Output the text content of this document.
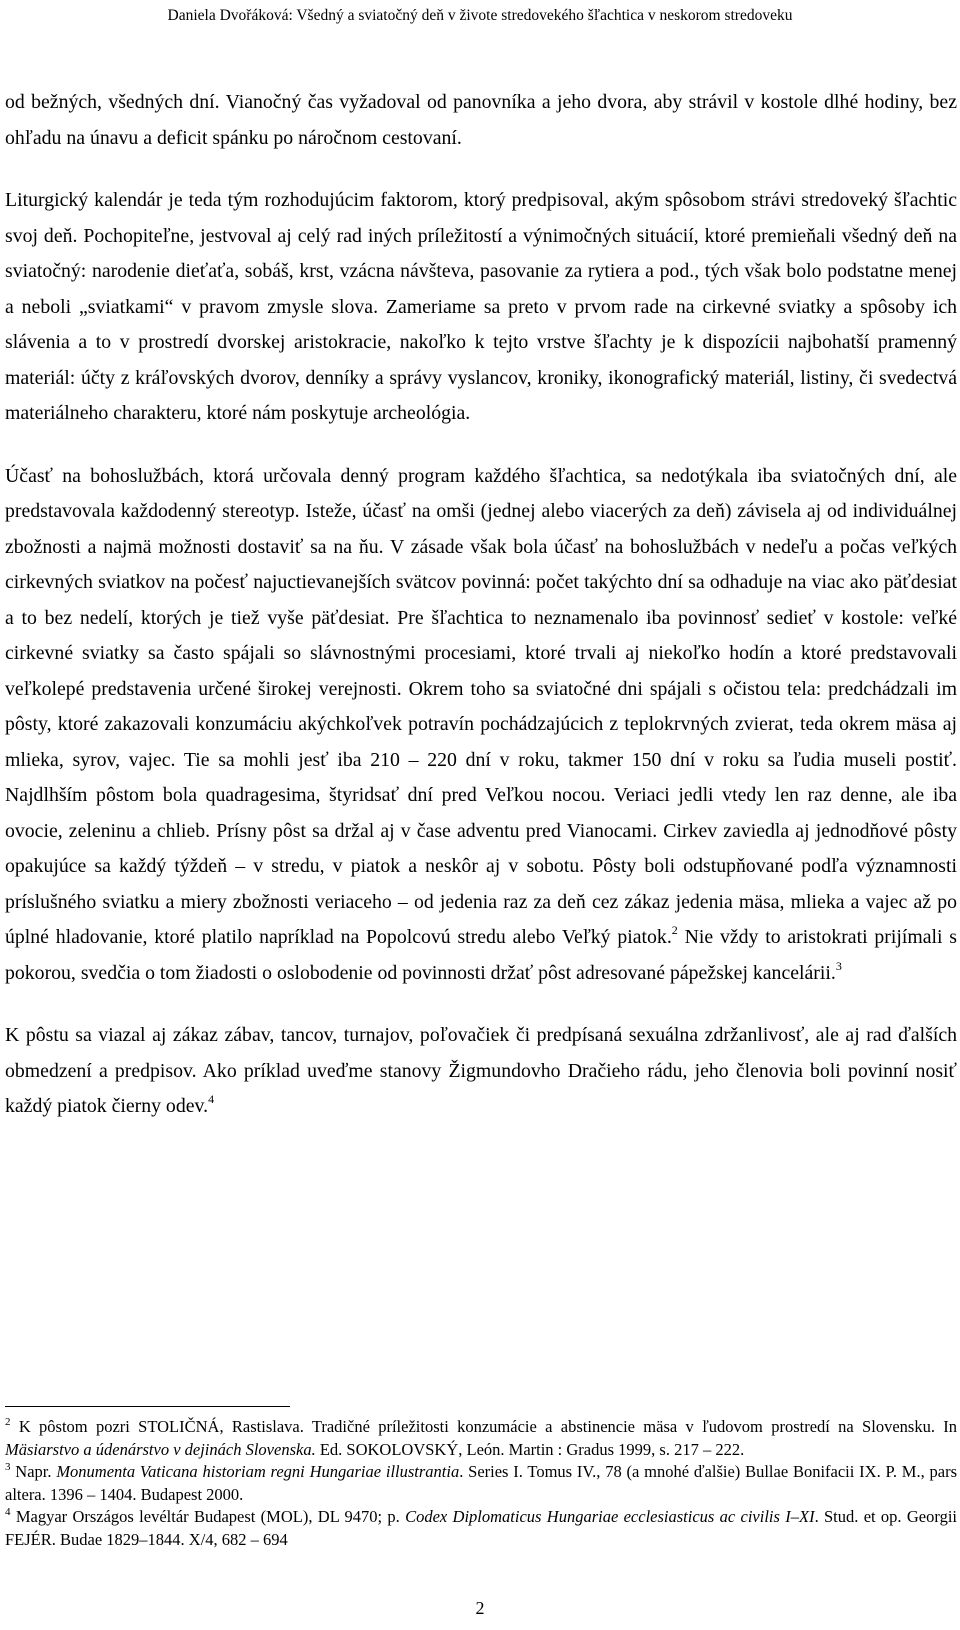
Daniela Dvořáková: Všedný a sviatočný deň v živote stredovekého šľachtica v neskorom stredoveku

od bežných, všedných dní. Vianočný čas vyžadoval od panovníka a jeho dvora, aby strávil v kostole dlhé hodiny, bez ohľadu na únavu a deficit spánku po náročnom cestovaní.

Liturgický kalendár je teda tým rozhodujúcim faktorom, ktorý predpisoval, akým spôsobom strávi stredoveký šľachtic svoj deň. Pochopiteľne, jestvoval aj celý rad iných príležitostí a výnimočných situácií, ktoré premieňali všedný deň na sviatočný: narodenie dieťaťa, sobáš, krst, vzácna návšteva, pasovanie za rytiera a pod., tých však bolo podstatne menej a neboli „sviatkami“ v pravom zmysle slova. Zameriame sa preto v prvom rade na cirkevné sviatky a spôsoby ich slávenia a to v prostredí dvorskej aristokracie, nakoľko k tejto vrstve šľachty je k dispozícii najbohatší pramenný materiál: účty z kráľovských dvorov, denníky a správy vyslancov, kroniky, ikonografický materiál, listiny, či svedectvá materiálneho charakteru, ktoré nám poskytuje archeológia.

Účasť na bohoslužbách, ktorá určovala denný program každého šľachtica, sa nedotýkala iba sviatočných dní, ale predstavovala každodenný stereotyp. Isteže, účasť na omši (jednej alebo viacerých za deň) závisela aj od individuálnej zbožnosti a najmä možnosti dostaviť sa na ňu. V zásade však bola účasť na bohoslužbách v nedeľu a počas veľkých cirkevných sviatkov na počesť najuctievanejších svätcov povinná: počet takýchto dní sa odhaduje na viac ako päťdesiat a to bez nedelí, ktorých je tiež vyše päťdesiat. Pre šľachtica to neznamenalo iba povinnosť sedieť v kostole: veľké cirkevné sviatky sa často spájali so slávnostnými procesiami, ktoré trvali aj niekoľko hodín a ktoré predstavovali veľkolepé predstavenia určené širokej verejnosti. Okrem toho sa sviatočné dni spájali s očistou tela: predchádzali im pôsty, ktoré zakazovali konzumáciu akýchkoľvek potravín pochádzajúcich z teplokrvných zvierat, teda okrem mäsa aj mlieka, syrov, vajec. Tie sa mohli jesť iba 210 – 220 dní v roku, takmer 150 dní v roku sa ľudia museli postiť. Najdlhším pôstom bola quadragesima, štyridsať dní pred Veľkou nocou. Veriaci jedli vtedy len raz denne, ale iba ovocie, zeleninu a chlieb. Prísny pôst sa držal aj v čase adventu pred Vianocami. Cirkev zaviedla aj jednodňové pôsty opakujúce sa každý týždeň – v stredu, v piatok a neskôr aj v sobotu. Pôsty boli odstupňované podľa významnosti príslušného sviatku a miery zbožnosti veriaceho – od jedenia raz za deň cez zákaz jedenia mäsa, mlieka a vajec až po úplné hladovanie, ktoré platilo napríklad na Popolcovú stredu alebo Veľký piatok.$^2$ Nie vždy to aristokrati prijímali s pokorou, svedčia o tom žiadosti o oslobodenie od povinnosti držať pôst adresované pápežskej kancelárii.$^3$

K pôstu sa viazal aj zákaz zábav, tancov, turnajov, poľovačiek či predpísaná sexuálna zdržanlivosť, ale aj rad ďalších obmedzení a predpisov. Ako príklad uveďme stanovy Žigmundovho Dračieho rádu, jeho členovia boli povinní nosiť každý piatok čierny odev.$^4$

$^2$ K pôstom pozri STOLIČNÁ, Rastislava. Tradičné príležitosti konzumácie a abstinencie mäsa v ľudovom prostredí na Slovensku. In Mäsiarstvo a údenárstvo v dejinách Slovenska. Ed. SOKOLOVSKÝ, León. Martin : Gradus 1999, s. 217 – 222.

$^3$ Napr. Monumenta Vaticana historiam regni Hungariae illustrantia. Series I. Tomus IV., 78 (a mnohé ďalšie) Bullae Bonifacii IX. P. M., pars altera. 1396 – 1404. Budapest 2000.

$^4$ Magyar Országos levéltár Budapest (MOL), DL 9470; p. Codex Diplomaticus Hungariae ecclesiasticus ac civilis I–XI. Stud. et op. Georgii FEJÉR. Budae 1829–1844. X/4, 682 – 694

2
